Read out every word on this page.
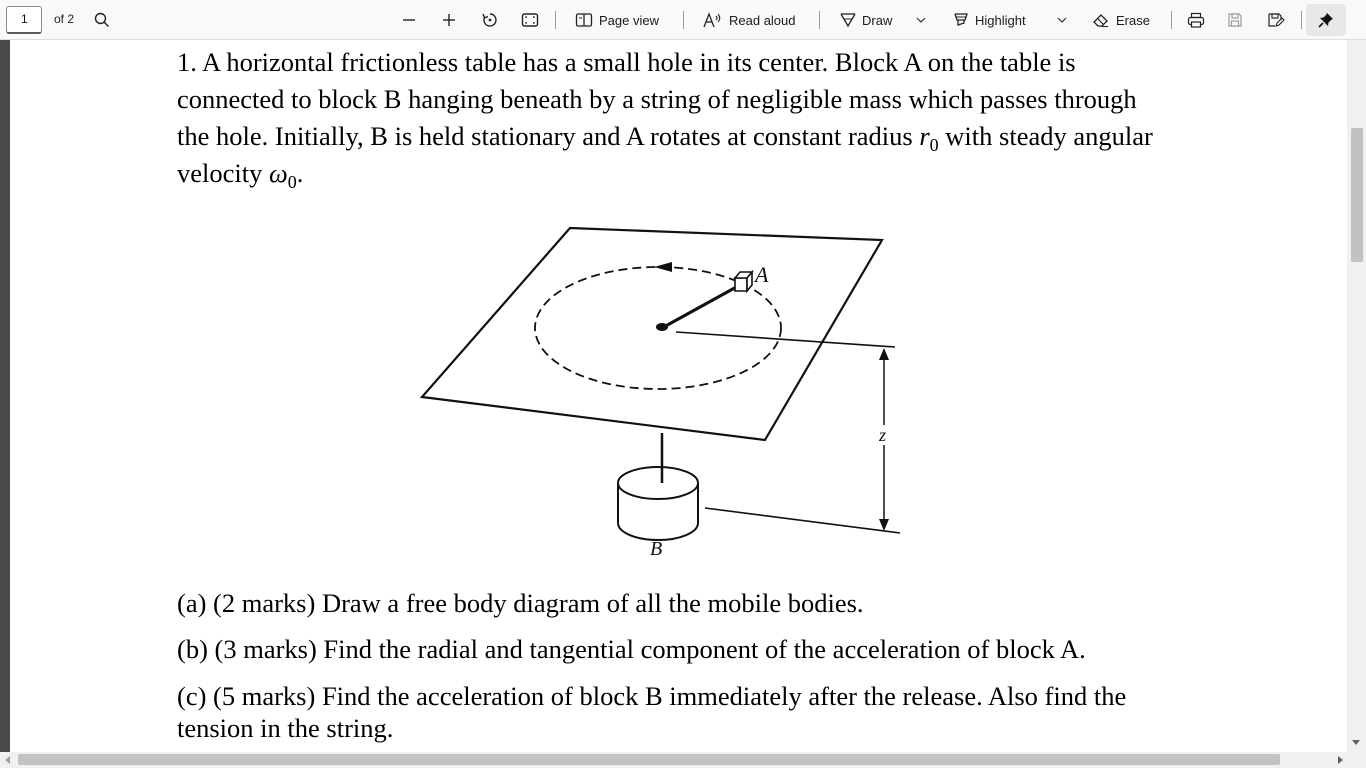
1	of 2	Page view	Read aloud	Draw	Highlight	Erase
1. A horizontal frictionless table has a small hole in its center. Block A on the table is
connected to block B hanging beneath by a string of negligible mass which passes through
the hole. Initially, B is held stationary and A rotates at constant radius $r_0$ with steady angular
velocity $\omega_0$.
A
B
z
(a) (2 marks) Draw a free body diagram of all the mobile bodies.
(b) (3 marks) Find the radial and tangential component of the acceleration of block A.
(c) (5 marks) Find the acceleration of block B immediately after the release. Also find the
tension in the string.
